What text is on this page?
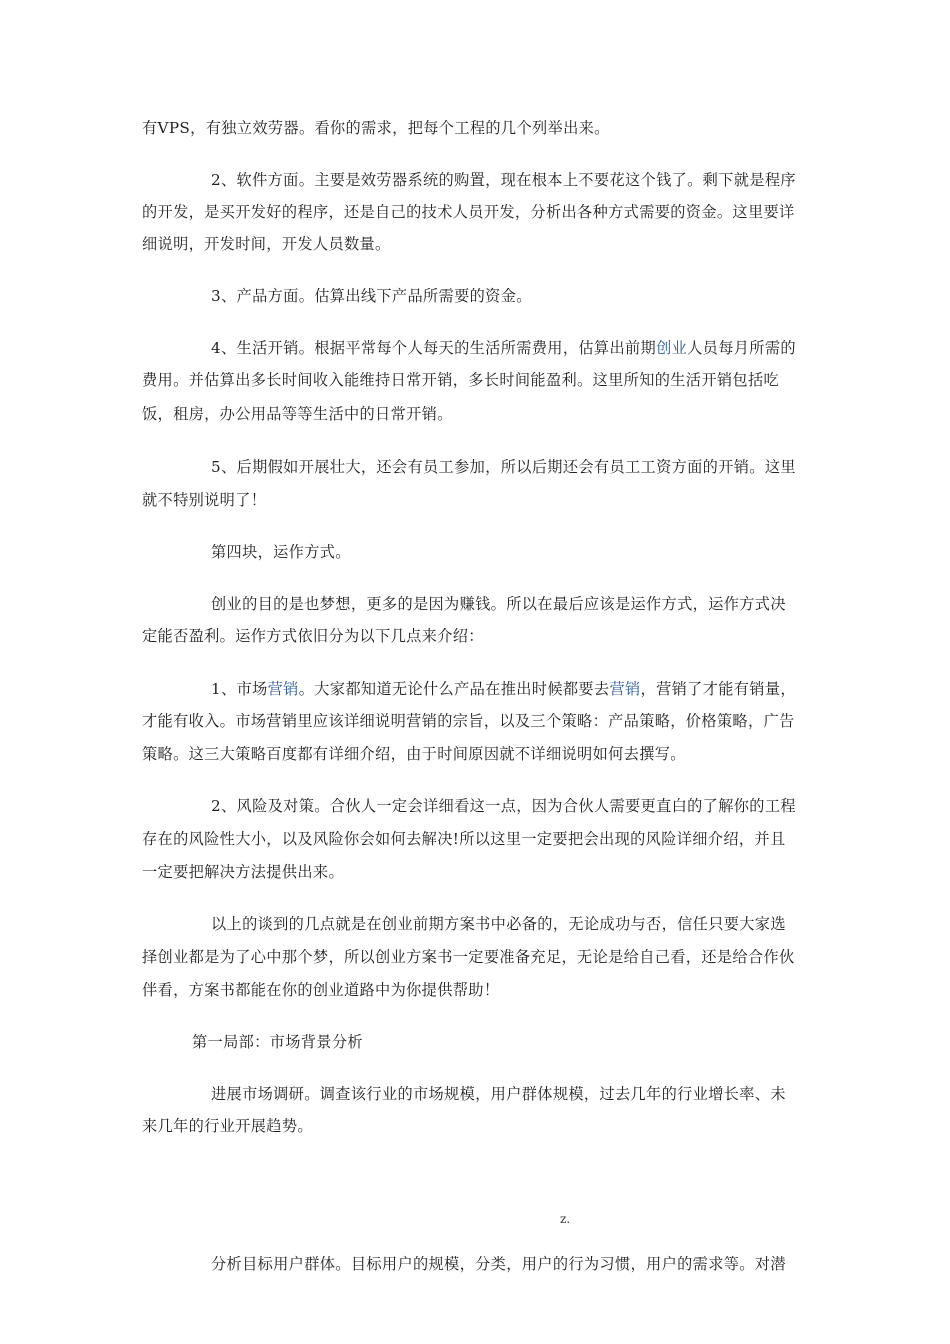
有VPS，有独立效劳器。看你的需求，把每个工程的几个列举出来。
2、软件方面。主要是效劳器系统的购置，现在根本上不要花这个钱了。剩下就是程序
的开发，是买开发好的程序，还是自己的技术人员开发，分析出各种方式需要的资金。这里要详
细说明，开发时间，开发人员数量。
3、产品方面。估算出线下产品所需要的资金。
4、生活开销。根据平常每个人每天的生活所需费用，估算出前期创业人员每月所需的
费用。并估算出多长时间收入能维持日常开销，多长时间能盈利。这里所知的生活开销包括吃
饭，租房，办公用品等等生活中的日常开销。
5、后期假如开展壮大，还会有员工参加，所以后期还会有员工工资方面的开销。这里
就不特别说明了！
第四块，运作方式。
创业的目的是也梦想，更多的是因为赚钱。所以在最后应该是运作方式，运作方式决
定能否盈利。运作方式依旧分为以下几点来介绍：
1、市场营销。大家都知道无论什么产品在推出时候都要去营销，营销了才能有销量，
才能有收入。市场营销里应该详细说明营销的宗旨，以及三个策略：产品策略，价格策略，广告
策略。这三大策略百度都有详细介绍，由于时间原因就不详细说明如何去撰写。
2、风险及对策。合伙人一定会详细看这一点，因为合伙人需要更直白的了解你的工程
存在的风险性大小，以及风险你会如何去解决!所以这里一定要把会出现的风险详细介绍，并且
一定要把解决方法提供出来。
以上的谈到的几点就是在创业前期方案书中必备的，无论成功与否，信任只要大家选
择创业都是为了心中那个梦，所以创业方案书一定要准备充足，无论是给自己看，还是给合作伙
伴看，方案书都能在你的创业道路中为你提供帮助！
第一局部：市场背景分析
进展市场调研。调查该行业的市场规模，用户群体规模，过去几年的行业增长率、未
来几年的行业开展趋势。
z.
分析目标用户群体。目标用户的规模，分类，用户的行为习惯，用户的需求等。对潜
